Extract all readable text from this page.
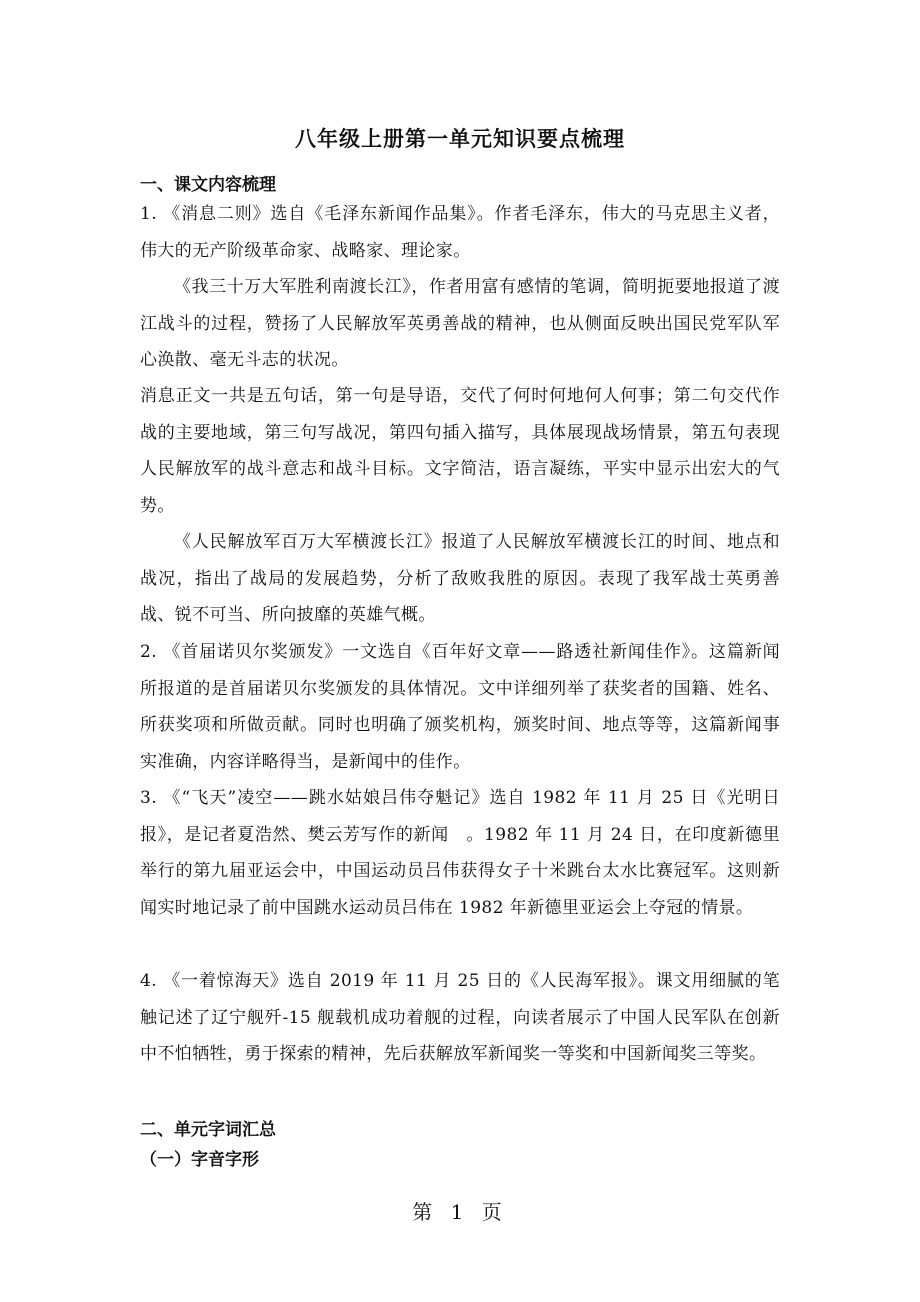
八年级上册第一单元知识要点梳理
一、课文内容梳理
1. 《消息二则》选自《毛泽东新闻作品集》。作者毛泽东，伟大的马克思主义者，伟大的无产阶级革命家、战略家、理论家。
《我三十万大军胜利南渡长江》，作者用富有感情的笔调，简明扼要地报道了渡江战斗的过程，赞扬了人民解放军英勇善战的精神，也从侧面反映出国民党军队军心涣散、毫无斗志的状况。
消息正文一共是五句话，第一句是导语，交代了何时何地何人何事；第二句交代作战的主要地域，第三句写战况，第四句插入描写，具体展现战场情景，第五句表现人民解放军的战斗意志和战斗目标。文字简洁，语言凝练，平实中显示出宏大的气势。
《人民解放军百万大军横渡长江》报道了人民解放军横渡长江的时间、地点和战况，指出了战局的发展趋势，分析了敌败我胜的原因。表现了我军战士英勇善战、锐不可当、所向披靡的英雄气概。
2. 《首届诺贝尔奖颁发》一文选自《百年好文章——路透社新闻佳作》。这篇新闻所报道的是首届诺贝尔奖颁发的具体情况。文中详细列举了获奖者的国籍、姓名、所获奖项和所做贡献。同时也明确了颁奖机构，颁奖时间、地点等等，这篇新闻事实准确，内容详略得当，是新闻中的佳作。
3. 《“飞天”凌空——跳水姑娘吕伟夺魁记》选自 1982 年 11 月 25 日《光明日报》，是记者夏浩然、樊云芳写作的新闻　。1982 年 11 月 24 日，在印度新德里举行的第九届亚运会中，中国运动员吕伟获得女子十米跳台太水比赛冠军。这则新闻实时地记录了前中国跳水运动员吕伟在 1982 年新德里亚运会上夺冠的情景。
4. 《一着惊海天》选自 2019 年 11 月 25 日的《人民海军报》。课文用细腻的笔触记述了辽宁舰歼-15 舰载机成功着舰的过程，向读者展示了中国人民军队在创新中不怕牺牲，勇于探索的精神，先后获解放军新闻奖一等奖和中国新闻奖三等奖。
二、单元字词汇总
（一）字音字形
第 1 页
